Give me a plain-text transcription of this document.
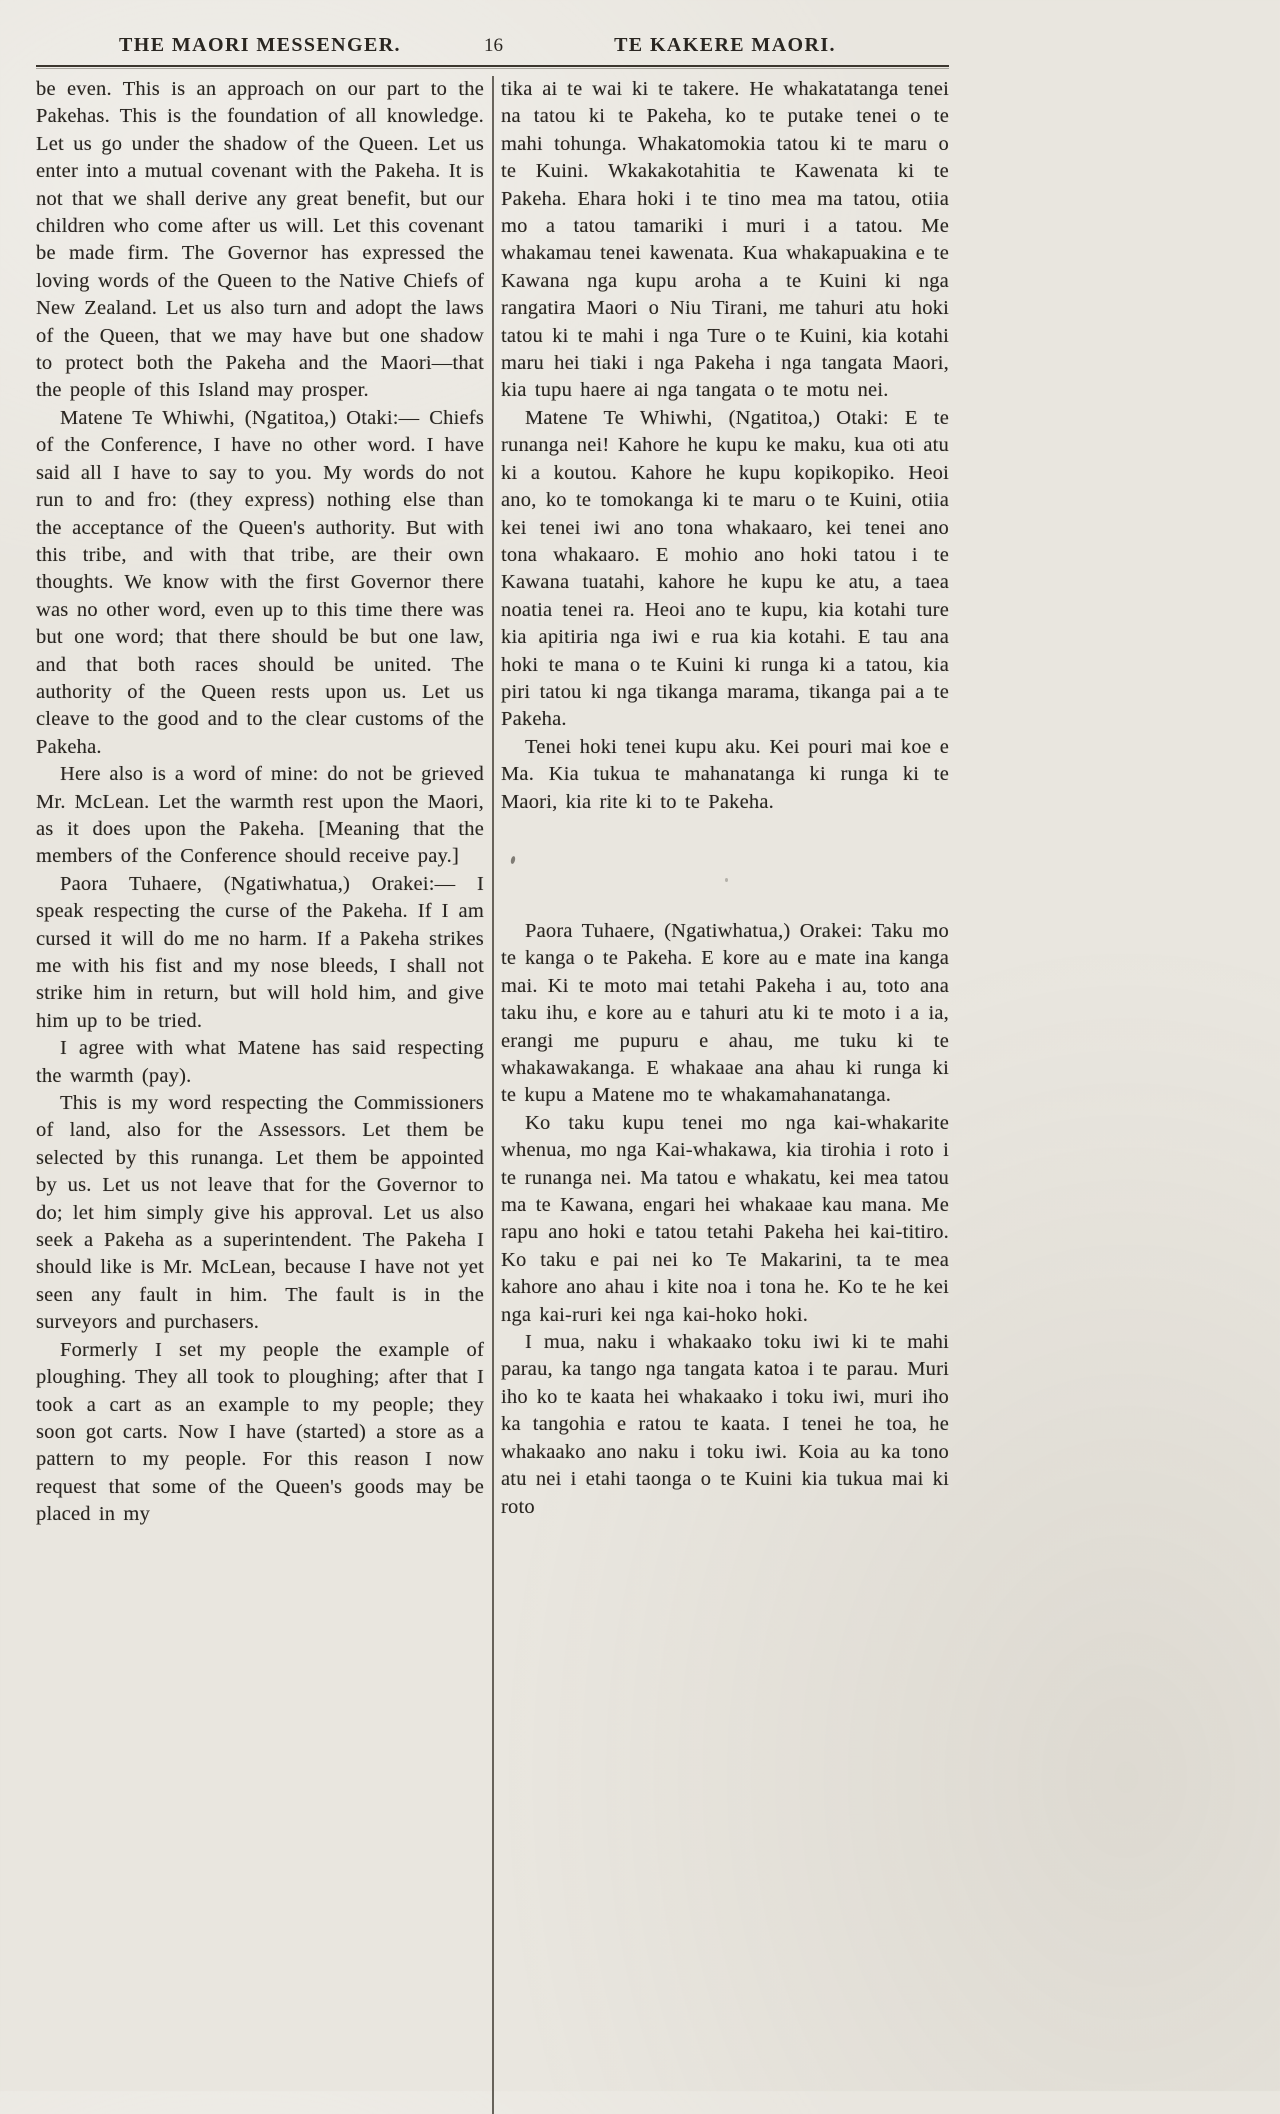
THE MAORI MESSENGER.	16	TE KAKERE MAORI.

be even. This is an approach on our part to the Pakehas. This is the foundation of all knowledge. Let us go under the shadow of the Queen. Let us enter into a mutual covenant with the Pakeha. It is not that we shall derive any great benefit, but our children who come after us will. Let this covenant be made firm. The Governor has expressed the loving words of the Queen to the Native Chiefs of New Zealand. Let us also turn and adopt the laws of the Queen, that we may have but one shadow to protect both the Pakeha and the Maori—that the people of this Island may prosper.

Matene Te Whiwhi, (Ngatitoa,) Otaki:— Chiefs of the Conference, I have no other word. I have said all I have to say to you. My words do not run to and fro: (they express) nothing else than the acceptance of the Queen's authority. But with this tribe, and with that tribe, are their own thoughts. We know with the first Governor there was no other word, even up to this time there was but one word; that there should be but one law, and that both races should be united. The authority of the Queen rests upon us. Let us cleave to the good and to the clear customs of the Pakeha.

Here also is a word of mine: do not be grieved Mr. McLean. Let the warmth rest upon the Maori, as it does upon the Pakeha. [Meaning that the members of the Conference should receive pay.]

Paora Tuhaere, (Ngatiwhatua,) Orakei:— I speak respecting the curse of the Pakeha. If I am cursed it will do me no harm. If a Pakeha strikes me with his fist and my nose bleeds, I shall not strike him in return, but will hold him, and give him up to be tried.

I agree with what Matene has said respecting the warmth (pay).

This is my word respecting the Commissioners of land, also for the Assessors. Let them be selected by this runanga. Let them be appointed by us. Let us not leave that for the Governor to do; let him simply give his approval. Let us also seek a Pakeha as a superintendent. The Pakeha I should like is Mr. McLean, because I have not yet seen any fault in him. The fault is in the surveyors and purchasers.

Formerly I set my people the example of ploughing. They all took to ploughing; after that I took a cart as an example to my people; they soon got carts. Now I have (started) a store as a pattern to my people. For this reason I now request that some of the Queen's goods may be placed in my

tika ai te wai ki te takere. He whakatatanga tenei na tatou ki te Pakeha, ko te putake tenei o te mahi tohunga. Whakatomokia tatou ki te maru o te Kuini. Wkakakotahitia te Kawenata ki te Pakeha. Ehara hoki i te tino mea ma tatou, otiia mo a tatou tamariki i muri i a tatou. Me whakamau tenei kawenata. Kua whakapuakina e te Kawana nga kupu aroha a te Kuini ki nga rangatira Maori o Niu Tirani, me tahuri atu hoki tatou ki te mahi i nga Ture o te Kuini, kia kotahi maru hei tiaki i nga Pakeha i nga tangata Maori, kia tupu haere ai nga tangata o te motu nei.

Matene Te Whiwhi, (Ngatitoa,) Otaki: E te runanga nei! Kahore he kupu ke maku, kua oti atu ki a koutou. Kahore he kupu kopikopiko. Heoi ano, ko te tomokanga ki te maru o te Kuini, otiia kei tenei iwi ano tona whakaaro, kei tenei ano tona whakaaro. E mohio ano hoki tatou i te Kawana tuatahi, kahore he kupu ke atu, a taea noatia tenei ra. Heoi ano te kupu, kia kotahi ture kia apitiria nga iwi e rua kia kotahi. E tau ana hoki te mana o te Kuini ki runga ki a tatou, kia piri tatou ki nga tikanga marama, tikanga pai a te Pakeha.

Tenei hoki tenei kupu aku. Kei pouri mai koe e Ma. Kia tukua te mahanatanga ki runga ki te Maori, kia rite ki to te Pakeha.

Paora Tuhaere, (Ngatiwhatua,) Orakei: Taku mo te kanga o te Pakeha. E kore au e mate ina kanga mai. Ki te moto mai tetahi Pakeha i au, toto ana taku ihu, e kore au e tahuri atu ki te moto i a ia, erangi me pupuru e ahau, me tuku ki te whakawakanga. E whakaae ana ahau ki runga ki te kupu a Matene mo te whakamahanatanga.

Ko taku kupu tenei mo nga kai-whakarite whenua, mo nga Kai-whakawa, kia tirohia i roto i te runanga nei. Ma tatou e whakatu, kei mea tatou ma te Kawana, engari hei whakaae kau mana. Me rapu ano hoki e tatou tetahi Pakeha hei kai-titiro. Ko taku e pai nei ko Te Makarini, ta te mea kahore ano ahau i kite noa i tona he. Ko te he kei nga kai-ruri kei nga kai-hoko hoki.

I mua, naku i whakaako toku iwi ki te mahi parau, ka tango nga tangata katoa i te parau. Muri iho ko te kaata hei whakaako i toku iwi, muri iho ka tangohia e ratou te kaata. I tenei he toa, he whakaako ano naku i toku iwi. Koia au ka tono atu nei i etahi taonga o te Kuini kia tukua mai ki roto
